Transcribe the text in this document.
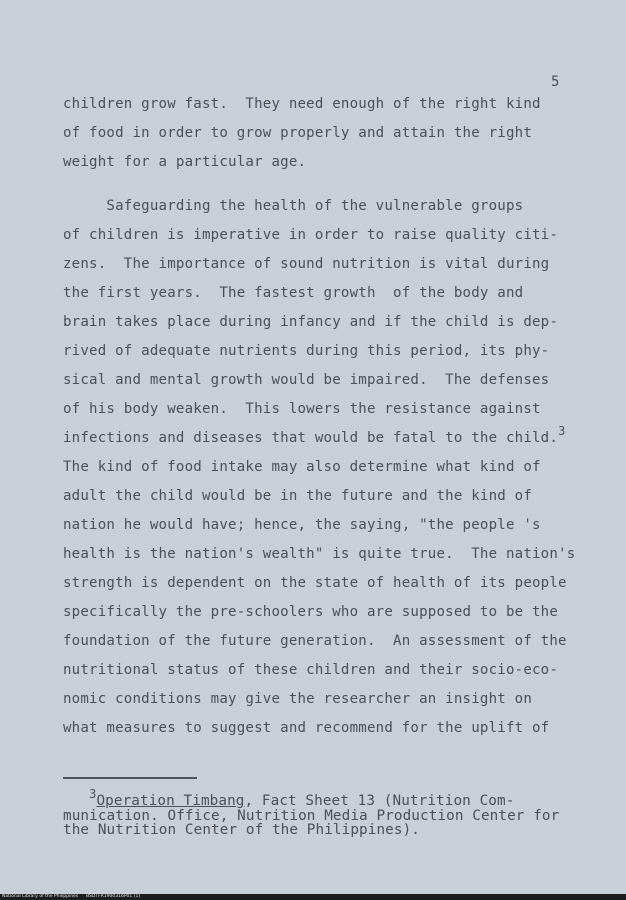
5
children grow fast.  They need enough of the right kind
of food in order to grow properly and attain the right
weight for a particular age.
Safeguarding the health of the vulnerable groups
of children is imperative in order to raise quality citi-
zens.  The importance of sound nutrition is vital during
the first years.  The fastest growth  of the body and
brain takes place during infancy and if the child is dep-
rived of adequate nutrients during this period, its phy-
sical and mental growth would be impaired.  The defenses
of his body weaken.  This lowers the resistance against
infections and diseases that would be fatal to the child.3
The kind of food intake may also determine what kind of
adult the child would be in the future and the kind of
nation he would have; hence, the saying, "the people 's
health is the nation's wealth" is quite true.  The nation's
strength is dependent on the state of health of its people
specifically the pre-schoolers who are supposed to be the
foundation of the future generation.  An assessment of the
nutritional status of these children and their socio-eco-
nomic conditions may give the researcher an insight on
what measures to suggest and recommend for the uplift of
$^3$Operation Timbang, Fact Sheet 13 (Nutrition Com-
munication. Office, Nutrition Media Production Center for
the Nutrition Center of the Philippines).
National Library of the Philippines BSDTFR1900316P01 (1)
